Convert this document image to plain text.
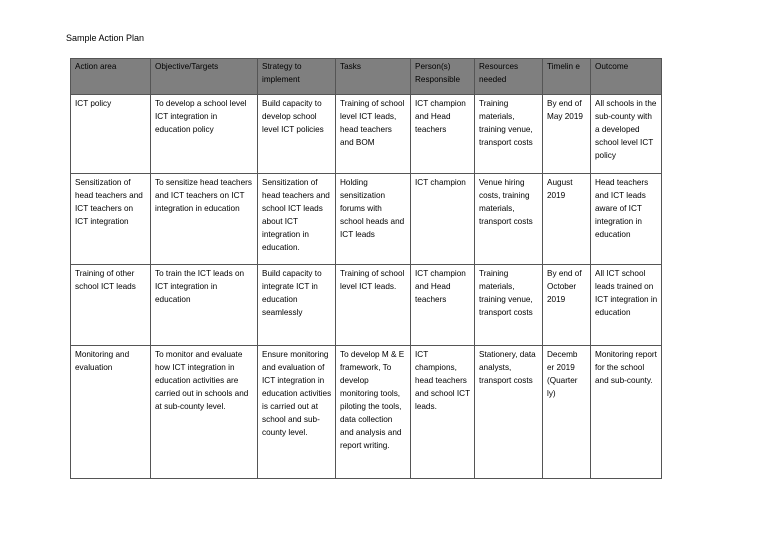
Sample Action Plan
Action area	Objective/Targets	Strategy to implement	Tasks	Person(s) Responsible	Resources needed	Timelin e	Outcome
ICT policy	To develop a school level ICT integration in education policy	Build capacity to develop school level ICT policies	Training of school level ICT leads, head teachers and BOM	ICT champion and Head teachers	Training materials, training venue, transport costs	By end of May 2019	All schools in the sub-county with a developed school level ICT policy
Sensitization of head teachers and ICT teachers on ICT integration	To sensitize head teachers and ICT teachers on ICT integration in education	Sensitization of head teachers and school ICT leads about ICT integration in education.	Holding sensitization forums with school heads and ICT leads	ICT champion	Venue hiring costs, training materials, transport costs	August 2019	Head teachers and ICT leads aware of ICT integration in education
Training of other school ICT leads	To train the ICT leads on ICT integration in education	Build capacity to integrate ICT in education seamlessly	Training of school level ICT leads.	ICT champion and Head teachers	Training materials, training venue, transport costs	By end of October 2019	All ICT school leads trained on ICT integration in education
Monitoring and evaluation	To monitor and evaluate how ICT integration in education activities are carried out in schools and at sub-county level.	Ensure monitoring and evaluation of ICT integration in education activities is carried out at school and sub-county level.	To develop M & E framework, To develop monitoring tools, piloting the tools, data collection and analysis and report writing.	ICT champions, head teachers and school ICT leads.	Stationery, data analysts, transport costs	Decemb er 2019 (Quarter ly)	Monitoring report for the school and sub-county.
